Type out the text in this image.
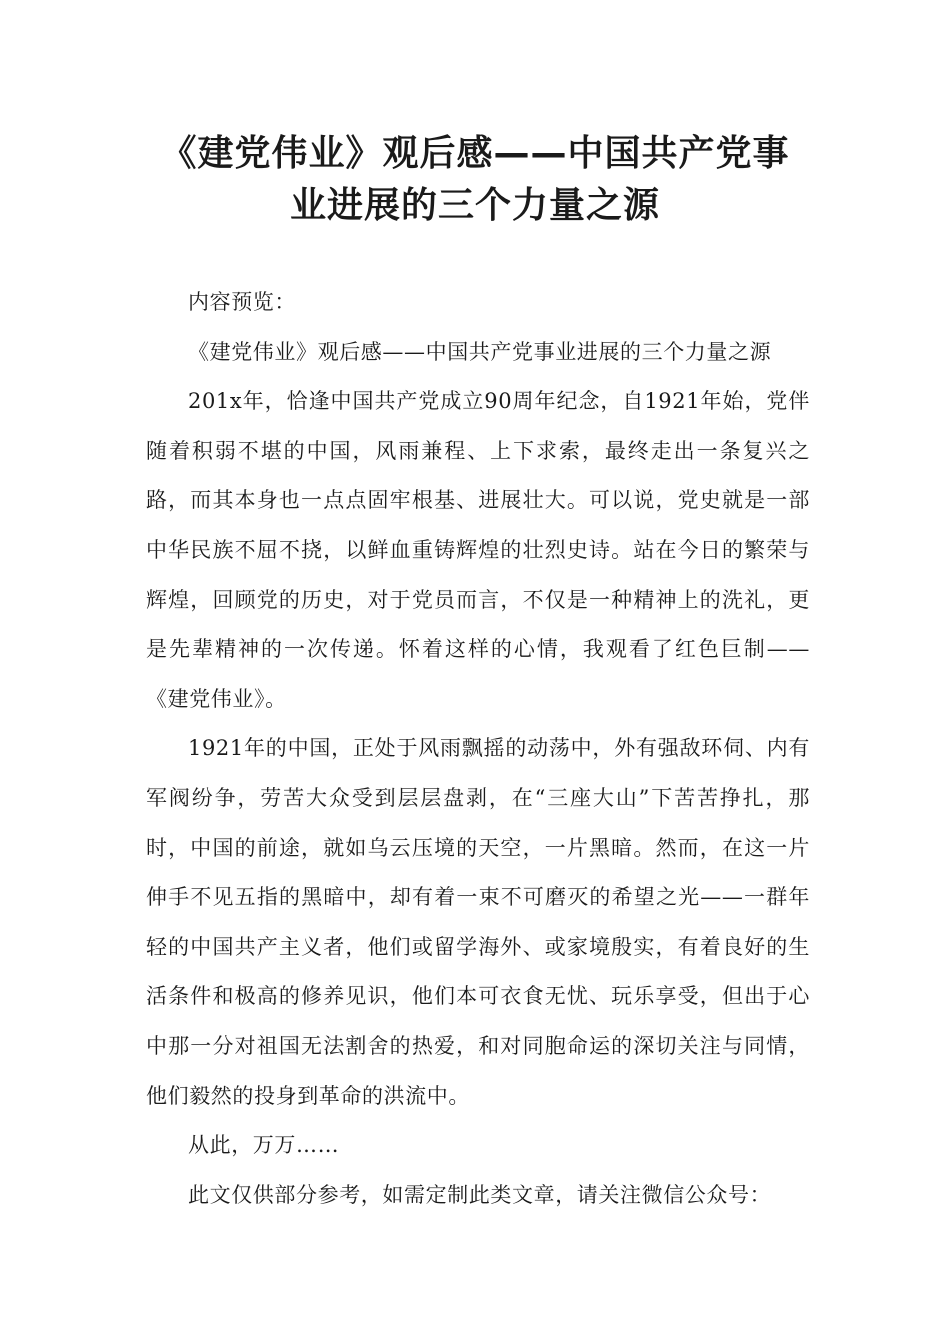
《建党伟业》观后感——中国共产党事
业进展的三个力量之源

内容预览：

《建党伟业》观后感——中国共产党事业进展的三个力量之源

201x年，恰逢中国共产党成立90周年纪念，自1921年始，党伴随着积弱不堪的中国，风雨兼程、上下求索，最终走出一条复兴之路，而其本身也一点点固牢根基、进展壮大。可以说，党史就是一部中华民族不屈不挠，以鲜血重铸辉煌的壮烈史诗。站在今日的繁荣与辉煌，回顾党的历史，对于党员而言，不仅是一种精神上的洗礼，更是先辈精神的一次传递。怀着这样的心情，我观看了红色巨制——《建党伟业》。

1921年的中国，正处于风雨飘摇的动荡中，外有强敌环伺、内有军阀纷争，劳苦大众受到层层盘剥，在“三座大山”下苦苦挣扎，那时，中国的前途，就如乌云压境的天空，一片黑暗。然而，在这一片伸手不见五指的黑暗中，却有着一束不可磨灭的希望之光——一群年轻的中国共产主义者，他们或留学海外、或家境殷实，有着良好的生活条件和极高的修养见识，他们本可衣食无忧、玩乐享受，但出于心中那一分对祖国无法割舍的热爱，和对同胞命运的深切关注与同情，他们毅然的投身到革命的洪流中。

从此，万万……

此文仅供部分参考，如需定制此类文章，请关注微信公众号：
